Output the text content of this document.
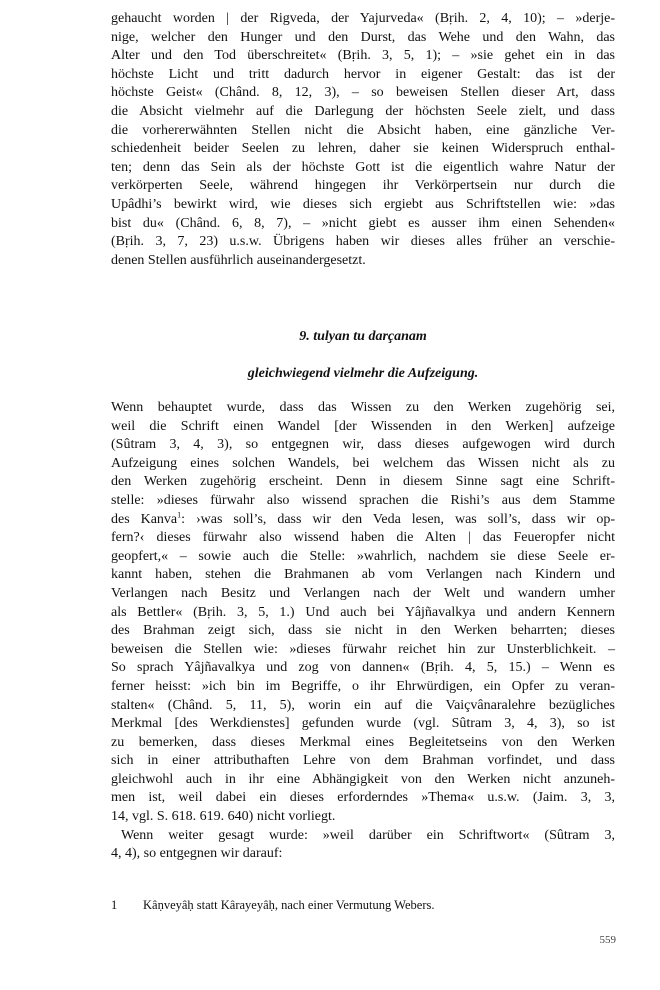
gehaucht worden | der Rigveda, der Yajurveda« (Bṛih. 2, 4, 10); – »derje-
nige, welcher den Hunger und den Durst, das Wehe und den Wahn, das
Alter und den Tod überschreitet« (Bṛih. 3, 5, 1); – »sie gehet ein in das
höchste Licht und tritt dadurch hervor in eigener Gestalt: das ist der
höchste Geist« (Chând. 8, 12, 3), – so beweisen Stellen dieser Art, dass
die Absicht vielmehr auf die Darlegung der höchsten Seele zielt, und dass
die vorhererwähnten Stellen nicht die Absicht haben, eine gänzliche Ver-
schiedenheit beider Seelen zu lehren, daher sie keinen Widerspruch enthal-
ten; denn das Sein als der höchste Gott ist die eigentlich wahre Natur der
verkörperten Seele, während hingegen ihr Verkörpertsein nur durch die
Upâdhi’s bewirkt wird, wie dieses sich ergiebt aus Schriftstellen wie: »das
bist du« (Chând. 6, 8, 7), – »nicht giebt es ausser ihm einen Sehenden«
(Bṛih. 3, 7, 23) u.s.w. Übrigens haben wir dieses alles früher an verschie-
denen Stellen ausführlich auseinandergesetzt.
9. tulyan tu darçanam
gleichwiegend vielmehr die Aufzeigung.
Wenn behauptet wurde, dass das Wissen zu den Werken zugehörig sei,
weil die Schrift einen Wandel [der Wissenden in den Werken] aufzeige
(Sûtram 3, 4, 3), so entgegnen wir, dass dieses aufgewogen wird durch
Aufzeigung eines solchen Wandels, bei welchem das Wissen nicht als zu
den Werken zugehörig erscheint. Denn in diesem Sinne sagt eine Schrift-
stelle: »dieses fürwahr also wissend sprachen die Rishi’s aus dem Stamme
des Kanva$^1$: ›was soll’s, dass wir den Veda lesen, was soll’s, dass wir op-
fern?‹ dieses fürwahr also wissend haben die Alten | das Feueropfer nicht
geopfert,« – sowie auch die Stelle: »wahrlich, nachdem sie diese Seele er-
kannt haben, stehen die Brahmanen ab vom Verlangen nach Kindern und
Verlangen nach Besitz und Verlangen nach der Welt und wandern umher
als Bettler« (Bṛih. 3, 5, 1.) Und auch bei Yâjñavalkya und andern Kennern
des Brahman zeigt sich, dass sie nicht in den Werken beharrten; dieses
beweisen die Stellen wie: »dieses fürwahr reichet hin zur Unsterblichkeit. –
So sprach Yâjñavalkya und zog von dannen« (Bṛih. 4, 5, 15.) – Wenn es
ferner heisst: »ich bin im Begriffe, o ihr Ehrwürdigen, ein Opfer zu veran-
stalten« (Chând. 5, 11, 5), worin ein auf die Vaiçvânaralehre bezügliches
Merkmal [des Werkdienstes] gefunden wurde (vgl. Sûtram 3, 4, 3), so ist
zu bemerken, dass dieses Merkmal eines Begleitetseins von den Werken
sich in einer attributhaften Lehre von dem Brahman vorfindet, und dass
gleichwohl auch in ihr eine Abhängigkeit von den Werken nicht anzuneh-
men ist, weil dabei ein dieses erforderndes »Thema« u.s.w. (Jaim. 3, 3,
14, vgl. S. 618. 619. 640) nicht vorliegt.
Wenn weiter gesagt wurde: »weil darüber ein Schriftwort« (Sûtram 3,
4, 4), so entgegnen wir darauf:
1 Kâṇveyâḥ statt Kârayeyâḥ, nach einer Vermutung Webers.
559
